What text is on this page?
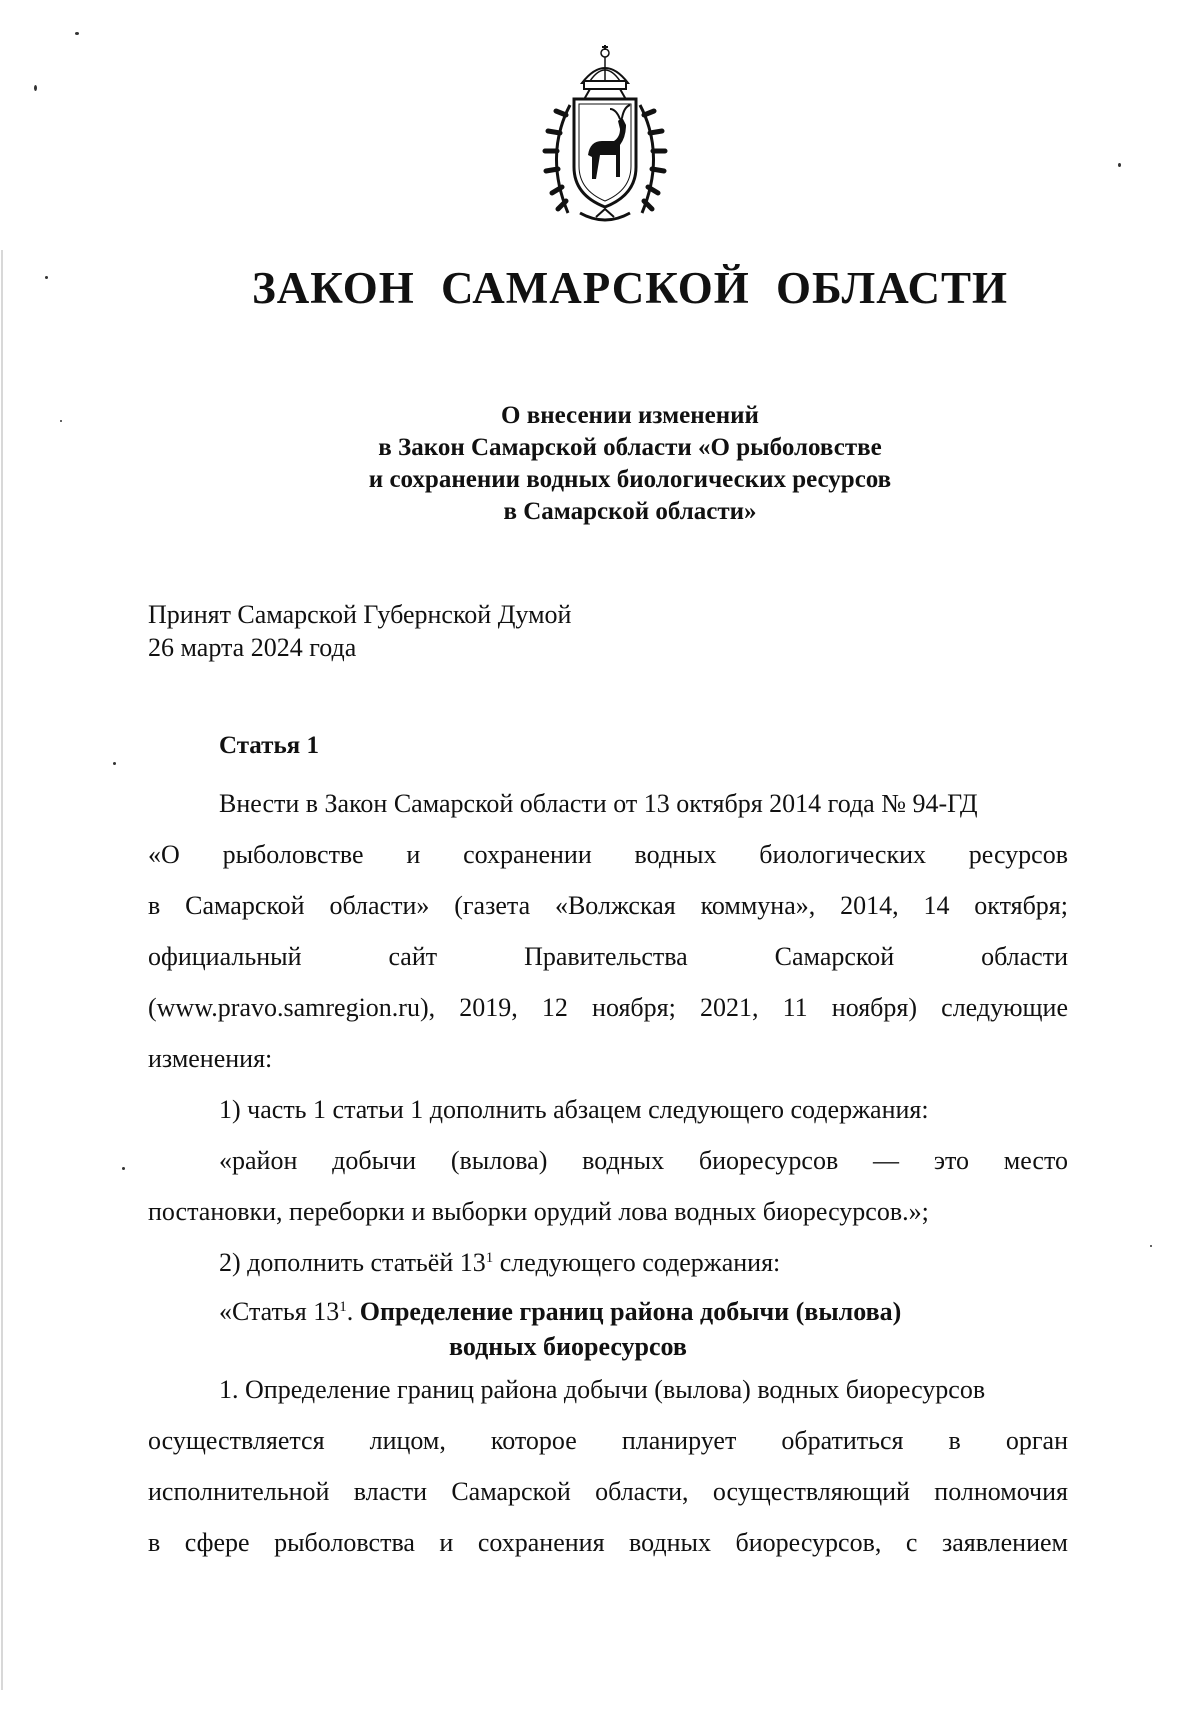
ЗАКОН САМАРСКОЙ ОБЛАСТИ
О внесении изменений
в Закон Самарской области «О рыболовстве
и сохранении водных биологических ресурсов
в Самарской области»
Принят Самарской Губернской Думой
26 марта 2024 года
Статья 1
Внести в Закон Самарской области от 13 октября 2014 года № 94-ГД
«О рыболовстве и сохранении водных биологических ресурсов
в Самарской области» (газета «Волжская коммуна», 2014, 14 октября;
официальный сайт Правительства Самарской области
(www.pravo.samregion.ru), 2019, 12 ноября; 2021, 11 ноября) следующие
изменения:
1) часть 1 статьи 1 дополнить абзацем следующего содержания:
«район добычи (вылова) водных биоресурсов — это место
постановки, переборки и выборки орудий лова водных биоресурсов.»;
2) дополнить статьёй $13^1$ следующего содержания:
«Статья $13^1$. Определение границ района добычи (вылова)
водных биоресурсов
1. Определение границ района добычи (вылова) водных биоресурсов
осуществляется лицом, которое планирует обратиться в орган
исполнительной власти Самарской области, осуществляющий полномочия
в сфере рыболовства и сохранения водных биоресурсов, с заявлением
